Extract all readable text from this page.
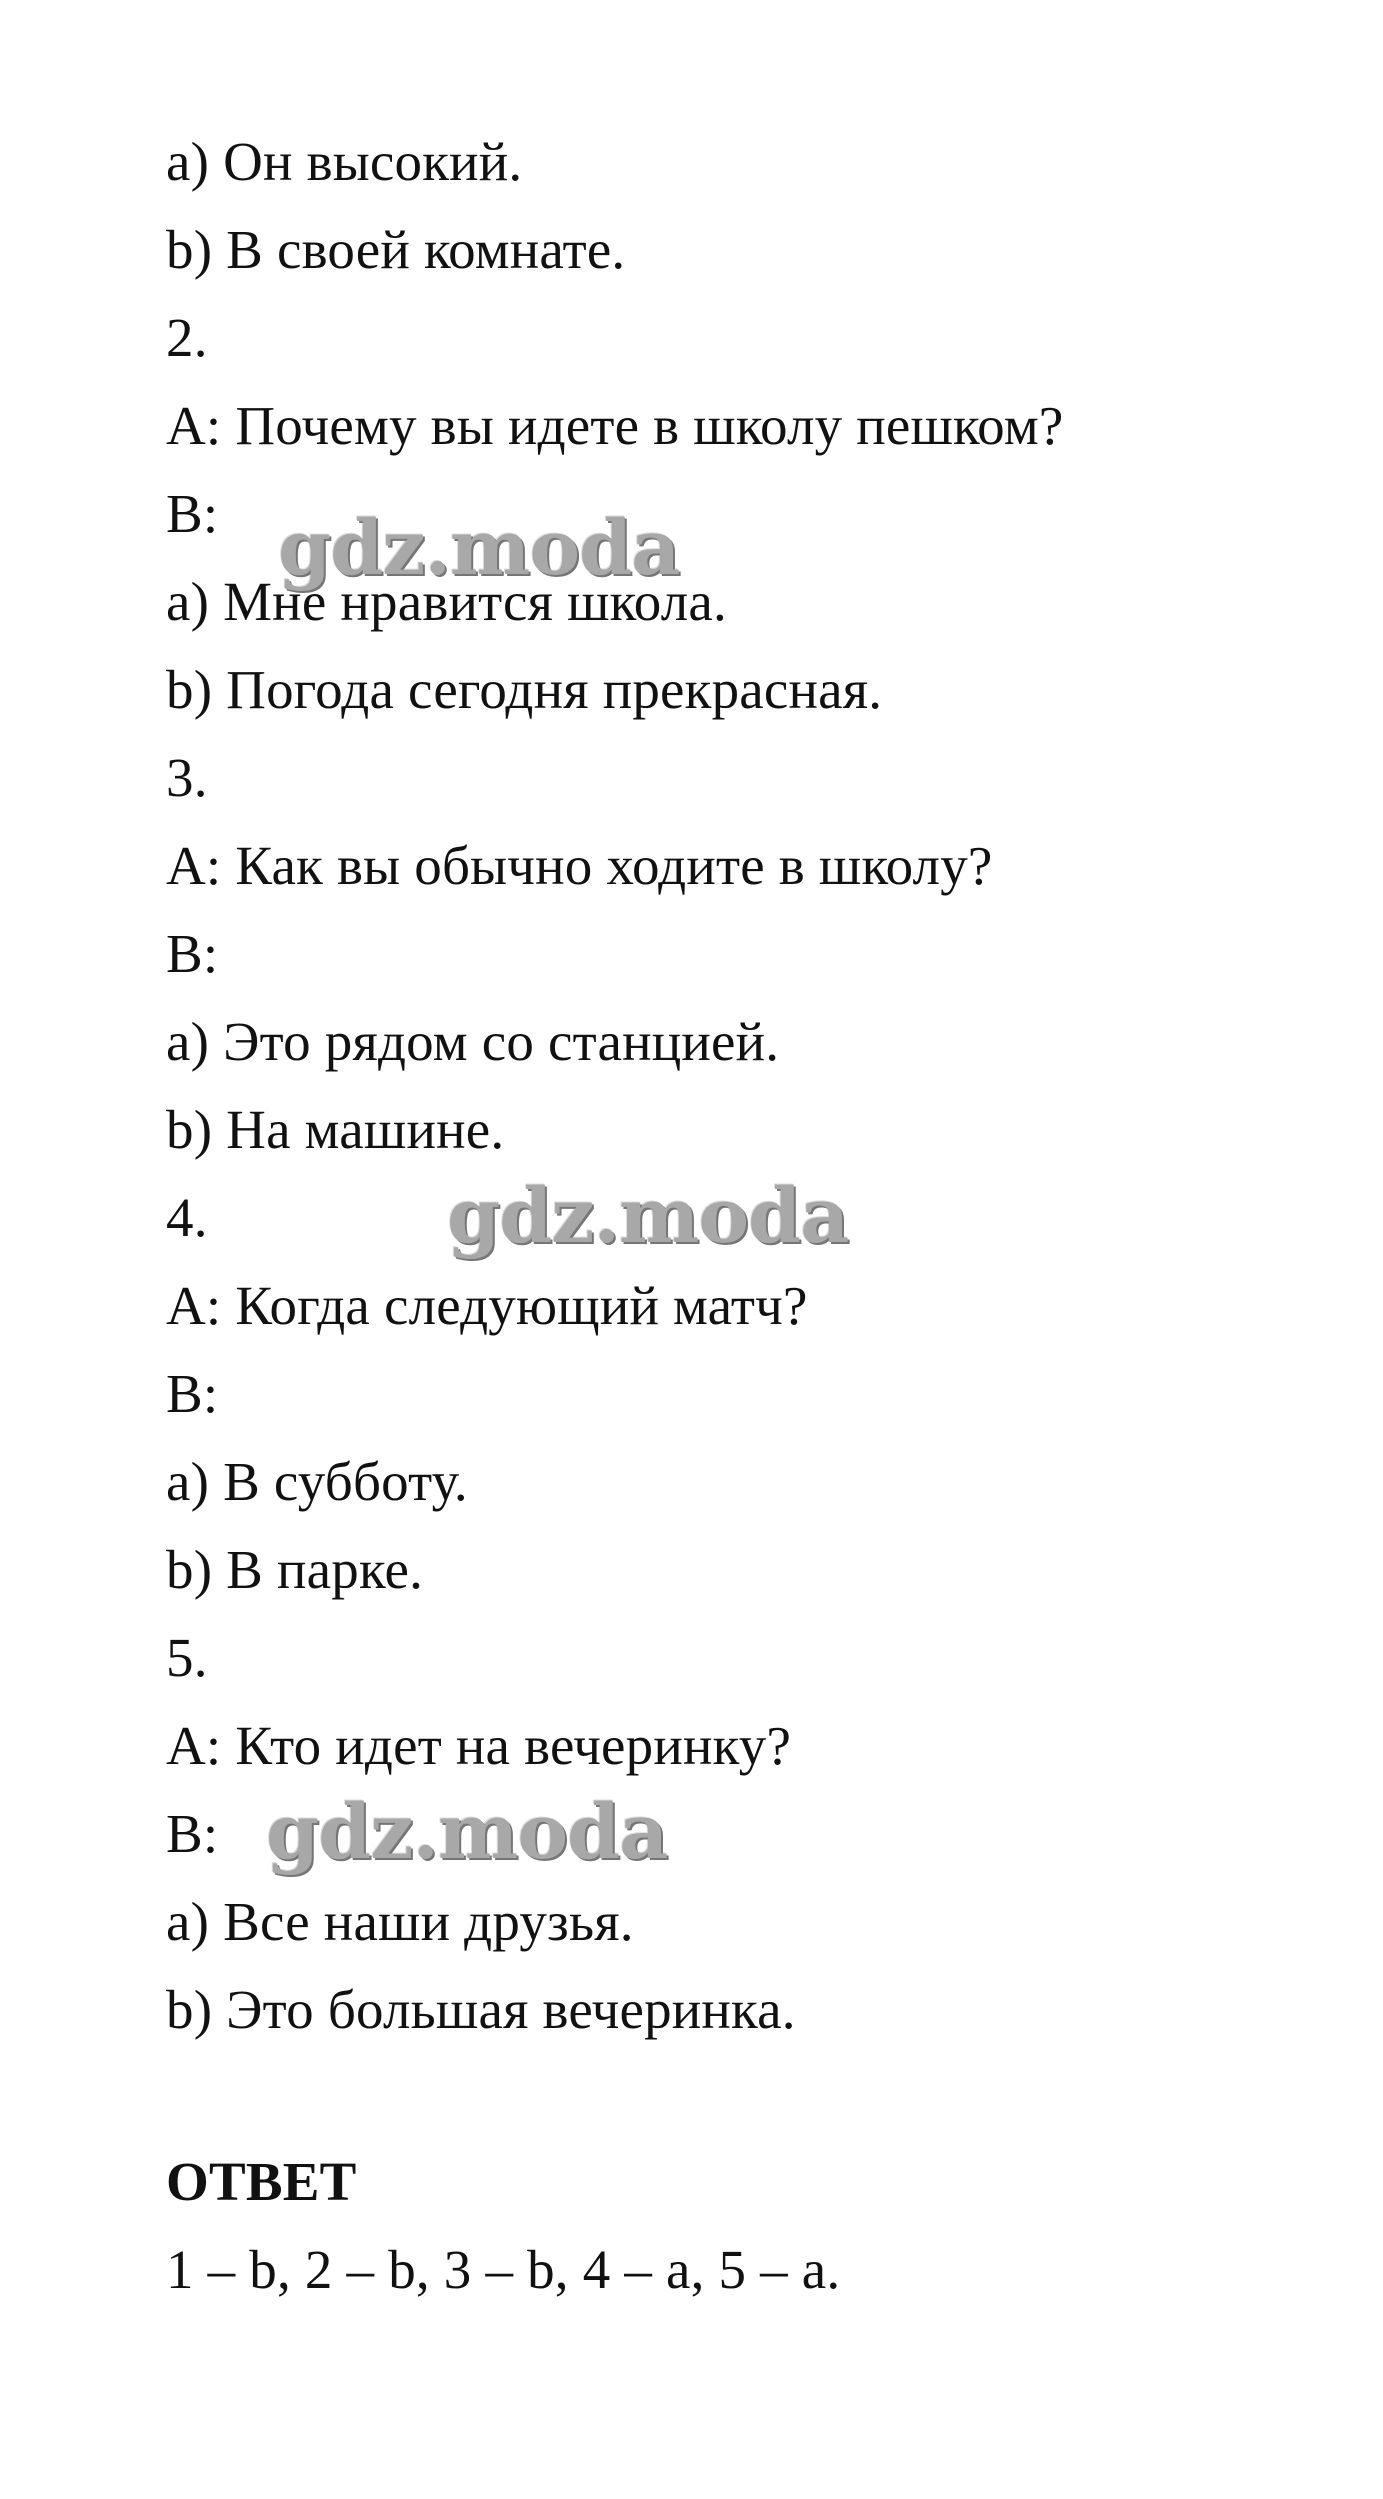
a) Он высокий.
b) В своей комнате.
2.
A: Почему вы идете в школу пешком?
B:
a) Мне нравится школа.
b) Погода сегодня прекрасная.
3.
A: Как вы обычно ходите в школу?
B:
a) Это рядом со станцией.
b) На машине.
4.
A: Когда следующий матч?
B:
a) В субботу.
b) В парке.
5.
A: Кто идет на вечеринку?
B:
a) Все наши друзья.
b) Это большая вечеринка.
ОТВЕТ
1 – b, 2 – b, 3 – b, 4 – a, 5 – a.
gdz.moda
gdz.moda
gdz.moda
